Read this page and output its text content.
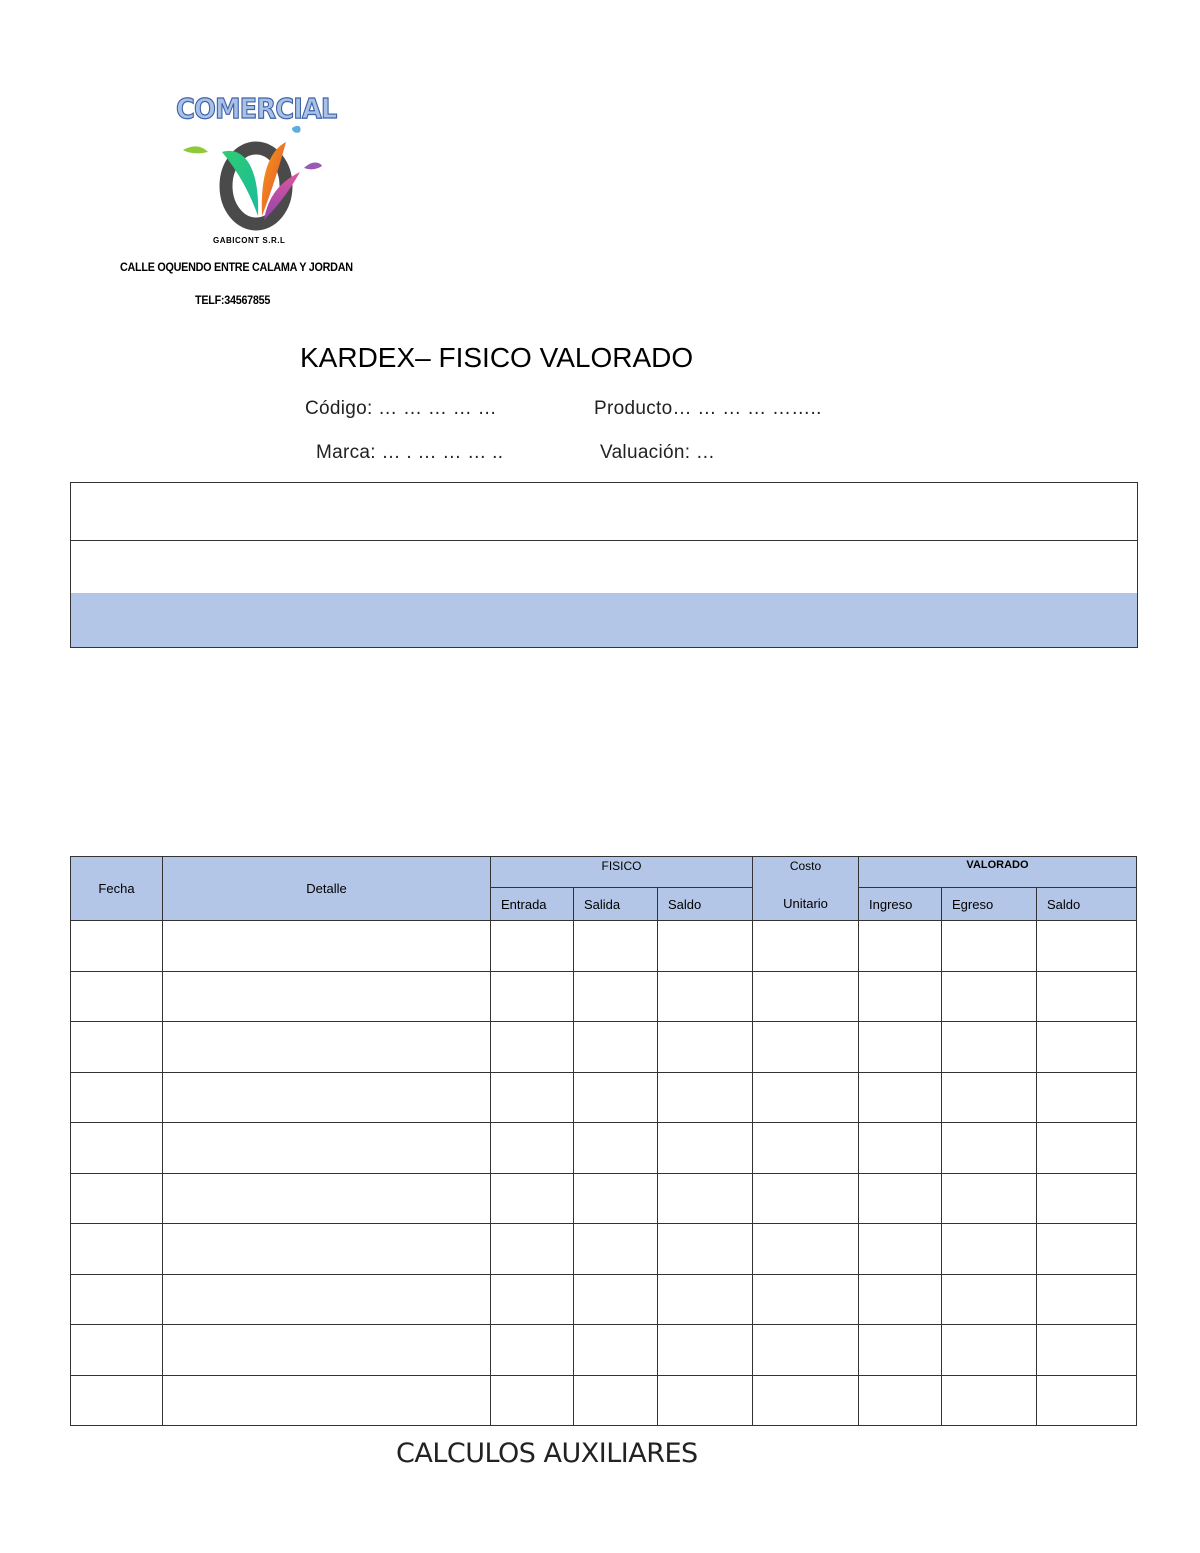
COMERCIAL
GABICONT S.R.L
CALLE OQUENDO ENTRE CALAMA Y JORDAN
TELF:34567855
KARDEX– FISICO VALORADO
Código: … … … … …	Producto… … … … ……..
Marca: … . … … … ..	Valuación: …
Fecha	Detalle	FISICO			Costo	VALORADO		
		Entrada	Salida	Saldo	Unitario	Ingreso	Egreso	Saldo

CALCULOS AUXILIARES
